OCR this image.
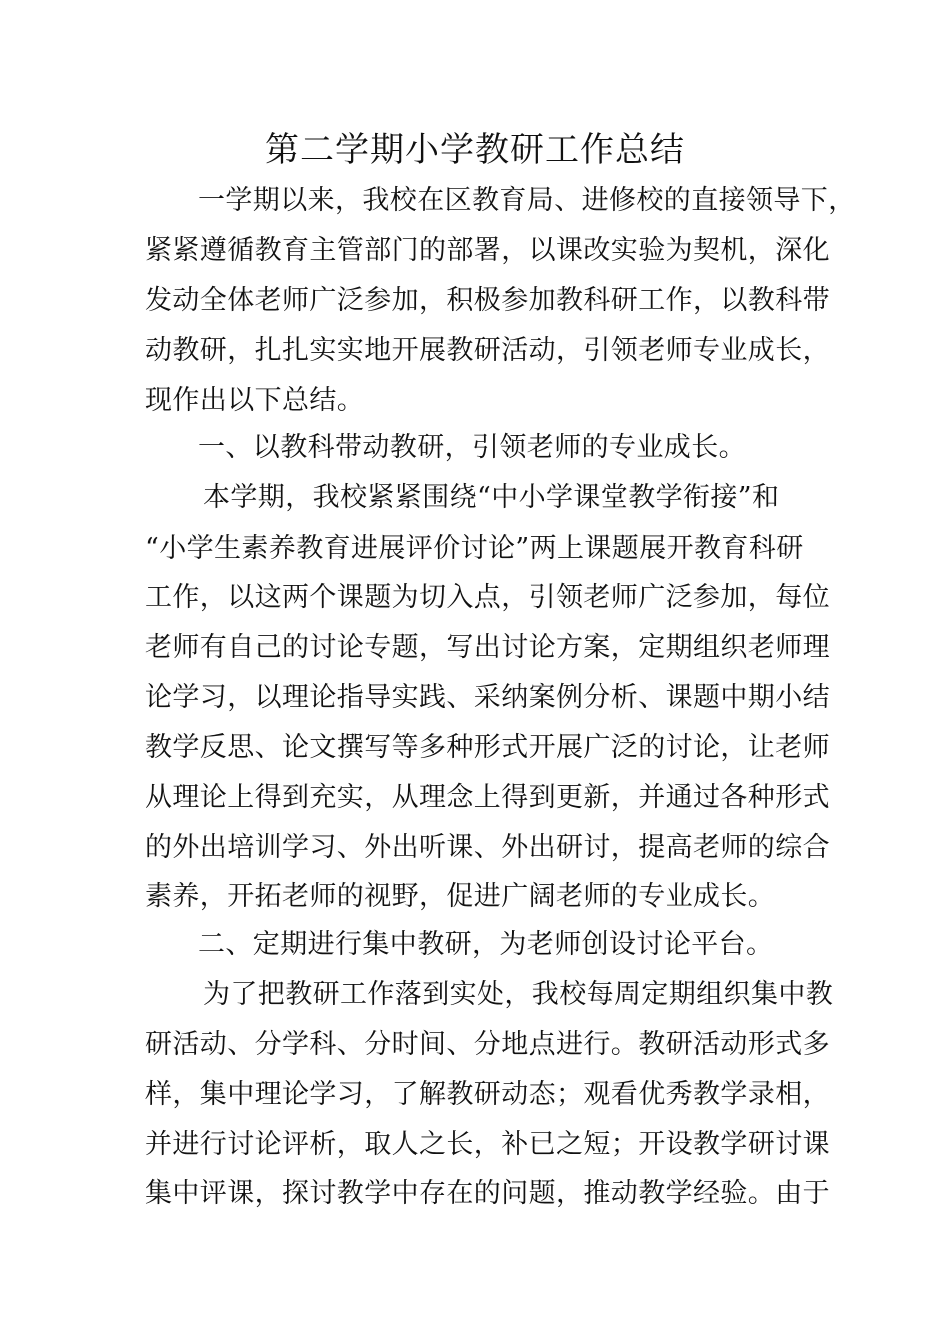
第二学期小学教研工作总结
一学期以来，我校在区教育局、进修校的直接领导下，
紧紧遵循教育主管部门的部署，以课改实验为契机，深化
发动全体老师广泛参加，积极参加教科研工作，以教科带
动教研，扎扎实实地开展教研活动，引领老师专业成长，
现作出以下总结。
一、以教科带动教研，引领老师的专业成长。
本学期，我校紧紧围绕“中小学课堂教学衔接”和
“小学生素养教育进展评价讨论”两上课题展开教育科研
工作，以这两个课题为切入点，引领老师广泛参加，每位
老师有自己的讨论专题，写出讨论方案，定期组织老师理
论学习，以理论指导实践、采纳案例分析、课题中期小结
教学反思、论文撰写等多种形式开展广泛的讨论，让老师
从理论上得到充实，从理念上得到更新，并通过各种形式
的外出培训学习、外出听课、外出研讨，提高老师的综合
素养，开拓老师的视野，促进广阔老师的专业成长。
二、定期进行集中教研，为老师创设讨论平台。
为了把教研工作落到实处，我校每周定期组织集中教
研活动、分学科、分时间、分地点进行。教研活动形式多
样，集中理论学习，了解教研动态；观看优秀教学录相，
并进行讨论评析，取人之长，补已之短；开设教学研讨课
集中评课，探讨教学中存在的问题，推动教学经验。由于
